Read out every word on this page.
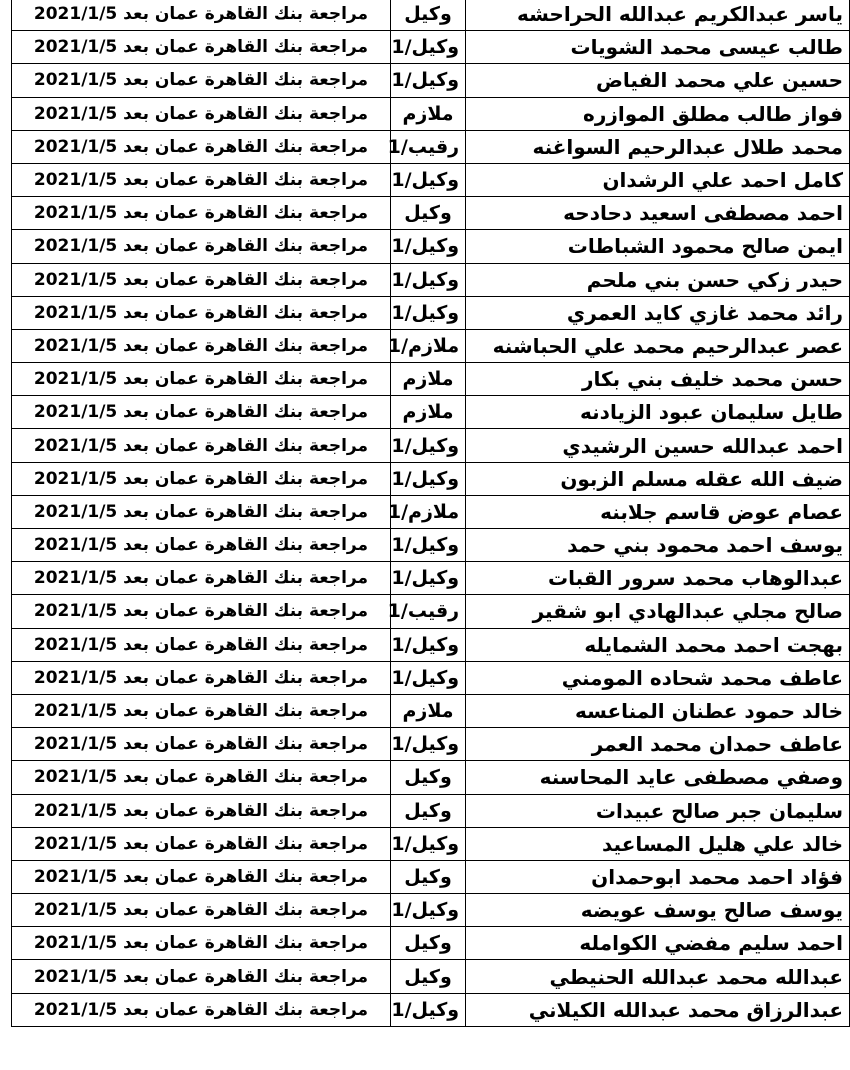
ياسر عبدالكريم عبدالله الحراحشه	وكيل	مراجعة بنك القاهرة عمان بعد 2021/1/5
طالب عيسى محمد الشويات	وكيل/1	مراجعة بنك القاهرة عمان بعد 2021/1/5
حسين علي محمد الفياض	وكيل/1	مراجعة بنك القاهرة عمان بعد 2021/1/5
فواز طالب مطلق الموازره	ملازم	مراجعة بنك القاهرة عمان بعد 2021/1/5
محمد طلال عبدالرحيم السواغنه	رقيب/1	مراجعة بنك القاهرة عمان بعد 2021/1/5
كامل احمد علي الرشدان	وكيل/1	مراجعة بنك القاهرة عمان بعد 2021/1/5
احمد مصطفى اسعيد دحادحه	وكيل	مراجعة بنك القاهرة عمان بعد 2021/1/5
ايمن صالح محمود الشباطات	وكيل/1	مراجعة بنك القاهرة عمان بعد 2021/1/5
حيدر زكي حسن بني ملحم	وكيل/1	مراجعة بنك القاهرة عمان بعد 2021/1/5
رائد محمد غازي كايد العمري	وكيل/1	مراجعة بنك القاهرة عمان بعد 2021/1/5
عصر عبدالرحيم محمد علي الحباشنه	ملازم/1	مراجعة بنك القاهرة عمان بعد 2021/1/5
حسن محمد خليف بني بكار	ملازم	مراجعة بنك القاهرة عمان بعد 2021/1/5
طايل سليمان عبود الزيادنه	ملازم	مراجعة بنك القاهرة عمان بعد 2021/1/5
احمد عبدالله حسين الرشيدي	وكيل/1	مراجعة بنك القاهرة عمان بعد 2021/1/5
ضيف الله عقله مسلم الزبون	وكيل/1	مراجعة بنك القاهرة عمان بعد 2021/1/5
عصام عوض قاسم جلابنه	ملازم/1	مراجعة بنك القاهرة عمان بعد 2021/1/5
يوسف احمد محمود بني حمد	وكيل/1	مراجعة بنك القاهرة عمان بعد 2021/1/5
عبدالوهاب محمد سرور القبات	وكيل/1	مراجعة بنك القاهرة عمان بعد 2021/1/5
صالح مجلي عبدالهادي ابو شقير	رقيب/1	مراجعة بنك القاهرة عمان بعد 2021/1/5
بهجت احمد محمد الشمايله	وكيل/1	مراجعة بنك القاهرة عمان بعد 2021/1/5
عاطف محمد شحاده المومني	وكيل/1	مراجعة بنك القاهرة عمان بعد 2021/1/5
خالد حمود عطنان المناعسه	ملازم	مراجعة بنك القاهرة عمان بعد 2021/1/5
عاطف حمدان محمد العمر	وكيل/1	مراجعة بنك القاهرة عمان بعد 2021/1/5
وصفي مصطفى عايد المحاسنه	وكيل	مراجعة بنك القاهرة عمان بعد 2021/1/5
سليمان جبر صالح عبيدات	وكيل	مراجعة بنك القاهرة عمان بعد 2021/1/5
خالد علي هليل المساعيد	وكيل/1	مراجعة بنك القاهرة عمان بعد 2021/1/5
فؤاد احمد محمد ابوحمدان	وكيل	مراجعة بنك القاهرة عمان بعد 2021/1/5
يوسف صالح يوسف عويضه	وكيل/1	مراجعة بنك القاهرة عمان بعد 2021/1/5
احمد سليم مفضي الكوامله	وكيل	مراجعة بنك القاهرة عمان بعد 2021/1/5
عبدالله محمد عبدالله الحنيطي	وكيل	مراجعة بنك القاهرة عمان بعد 2021/1/5
عبدالرزاق محمد عبدالله الكيلاني	وكيل/1	مراجعة بنك القاهرة عمان بعد 2021/1/5
